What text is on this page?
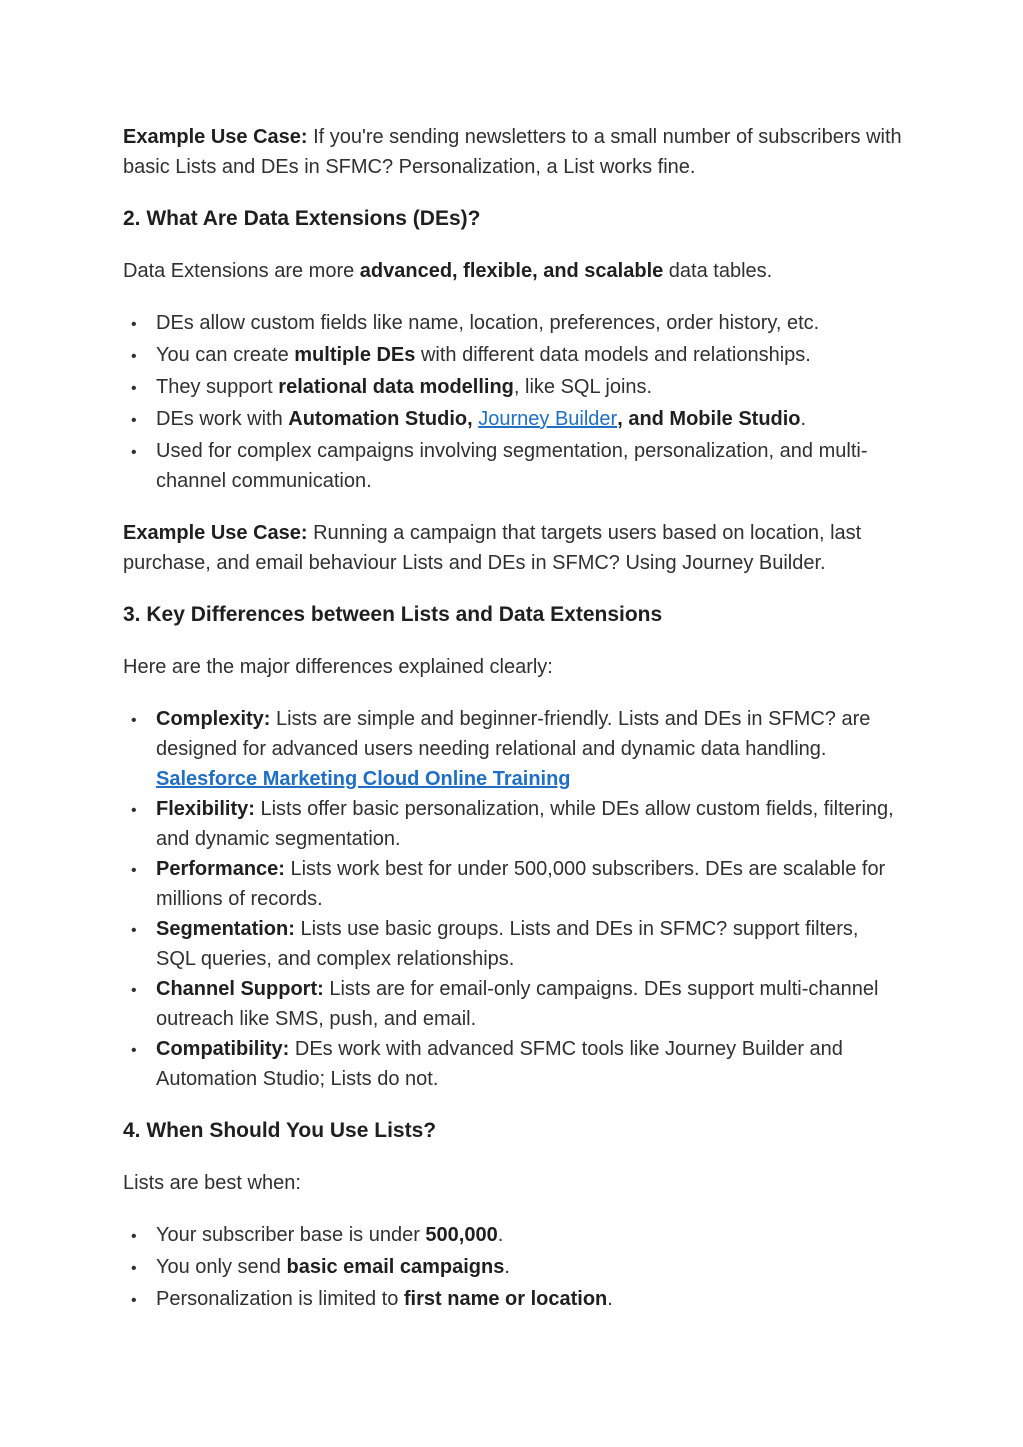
Example Use Case: If you're sending newsletters to a small number of subscribers with basic Lists and DEs in SFMC? Personalization, a List works fine.

2. What Are Data Extensions (DEs)?

Data Extensions are more advanced, flexible, and scalable data tables.

•
DEs allow custom fields like name, location, preferences, order history, etc.
•
You can create multiple DEs with different data models and relationships.
•
They support relational data modelling, like SQL joins.
•
DEs work with Automation Studio, Journey Builder, and Mobile Studio.
•
Used for complex campaigns involving segmentation, personalization, and multi-channel communication.

Example Use Case: Running a campaign that targets users based on location, last purchase, and email behaviour Lists and DEs in SFMC? Using Journey Builder.

3. Key Differences between Lists and Data Extensions

Here are the major differences explained clearly:

•
Complexity: Lists are simple and beginner-friendly. Lists and DEs in SFMC? are designed for advanced users needing relational and dynamic data handling. Salesforce Marketing Cloud Online Training
•
Flexibility: Lists offer basic personalization, while DEs allow custom fields, filtering, and dynamic segmentation.
•
Performance: Lists work best for under 500,000 subscribers. DEs are scalable for millions of records.
•
Segmentation: Lists use basic groups. Lists and DEs in SFMC? support filters, SQL queries, and complex relationships.
•
Channel Support: Lists are for email-only campaigns. DEs support multi-channel outreach like SMS, push, and email.
•
Compatibility: DEs work with advanced SFMC tools like Journey Builder and Automation Studio; Lists do not.
4. When Should You Use Lists?

Lists are best when:

•
Your subscriber base is under 500,000.
•
You only send basic email campaigns.
•
Personalization is limited to first name or location.
